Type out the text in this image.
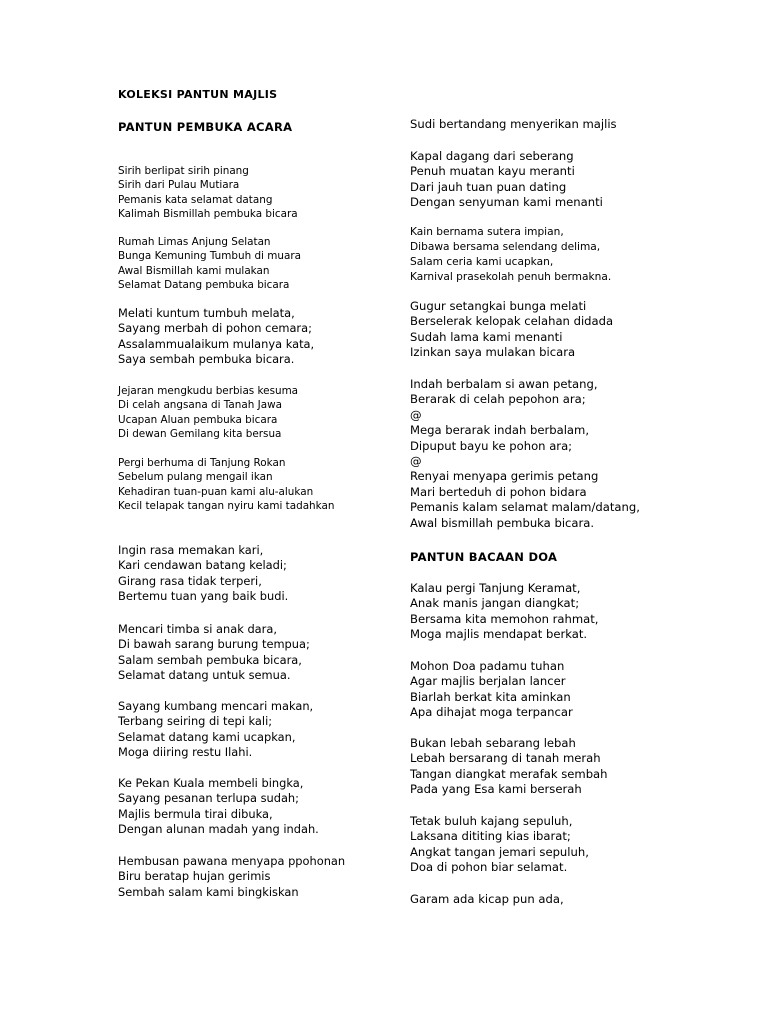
KOLEKSI PANTUN MAJLIS
PANTUN PEMBUKA ACARA
Sirih berlipat sirih pinang
Sirih dari Pulau Mutiara
Pemanis kata selamat datang
Kalimah Bismillah pembuka bicara
Rumah Limas Anjung Selatan
Bunga Kemuning Tumbuh di muara
Awal Bismillah kami mulakan
Selamat Datang pembuka bicara
Melati kuntum tumbuh melata,
Sayang merbah di pohon cemara;
Assalammualaikum mulanya kata,
Saya sembah pembuka bicara.
Jejaran mengkudu berbias kesuma
Di celah angsana di Tanah Jawa
Ucapan Aluan pembuka bicara
Di dewan Gemilang kita bersua
Pergi berhuma di Tanjung Rokan
Sebelum pulang mengail ikan
Kehadiran tuan-puan kami alu-alukan
Kecil telapak tangan nyiru kami tadahkan
Ingin rasa memakan kari,
Kari cendawan batang keladi;
Girang rasa tidak terperi,
Bertemu tuan yang baik budi.
Mencari timba si anak dara,
Di bawah sarang burung tempua;
Salam sembah pembuka bicara,
Selamat datang untuk semua.
Sayang kumbang mencari makan,
Terbang seiring di tepi kali;
Selamat datang kami ucapkan,
Moga diiring restu Ilahi.
Ke Pekan Kuala membeli bingka,
Sayang pesanan terlupa sudah;
Majlis bermula tirai dibuka,
Dengan alunan madah yang indah.
Hembusan pawana menyapa ppohonan
Biru beratap hujan gerimis
Sembah salam kami bingkiskan
Sudi bertandang menyerikan majlis
Kapal dagang dari seberang
Penuh muatan kayu meranti
Dari jauh tuan puan dating
Dengan senyuman kami menanti
Kain bernama sutera impian,
Dibawa bersama selendang delima,
Salam ceria kami ucapkan,
Karnival prasekolah penuh bermakna.
Gugur setangkai bunga melati
Berselerak kelopak celahan didada
Sudah lama kami menanti
Izinkan saya mulakan bicara
Indah berbalam si awan petang,
Berarak di celah pepohon ara;
@
Mega berarak indah berbalam,
Dipuput bayu ke pohon ara;
@
Renyai menyapa gerimis petang
Mari berteduh di pohon bidara
Pemanis kalam selamat malam/datang,
Awal bismillah pembuka bicara.
PANTUN BACAAN DOA
Kalau pergi Tanjung Keramat,
Anak manis jangan diangkat;
Bersama kita memohon rahmat,
Moga majlis mendapat berkat.
Mohon Doa padamu tuhan
Agar majlis berjalan lancer
Biarlah berkat kita aminkan
Apa dihajat moga terpancar
Bukan lebah sebarang lebah
Lebah bersarang di tanah merah
Tangan diangkat merafak sembah
Pada yang Esa kami berserah
Tetak buluh kajang sepuluh,
Laksana dititing kias ibarat;
Angkat tangan jemari sepuluh,
Doa di pohon biar selamat.
Garam ada kicap pun ada,
